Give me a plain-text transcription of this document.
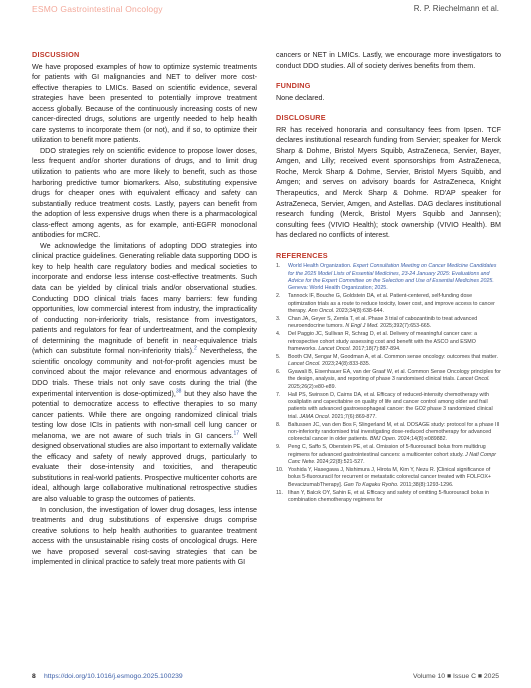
ESMO Gastrointestinal Oncology	R. P. Riechelmann et al.
DISCUSSION

We have proposed examples of how to optimize systemic treatments for patients with GI malignancies and NET to deliver more cost-effective therapies to LMICs. Based on scientific evidence, several strategies have been presented to potentially improve treatment access globally. Because of the continuously increasing costs of new cancer-directed drugs, solutions are urgently needed to help health care systems to incorporate them (or not), and if so, to optimize their utilization to benefit more patients.

DDO strategies rely on scientific evidence to propose lower doses, less frequent and/or shorter durations of drugs, and to limit drug utilization to patients who are more likely to benefit, such as those harboring predictive tumor biomarkers. Also, substituting expensive drugs for cheaper ones with equivalent efficacy and safety can substantially reduce treatment costs. Lastly, payers can benefit from the adoption of less expensive drugs when there is a pharmacological class-effect among agents, as for example, anti-EGFR monoclonal antibodies for mCRC.

We acknowledge the limitations of adopting DDO strategies into clinical practice guidelines. Generating reliable data supporting DDO is key to help health care regulatory bodies and medical societies to incorporate and endorse less intense cost-effective treatments. Such data can be yielded by clinical trials and/or observational studies. Conducting DDO clinical trials faces many barriers: few funding opportunities, low commercial interest from industry, the impracticality of conducting non-inferiority trials, resistance from investigators, patients and regulators for fear of undertreatment, and the complexity of determining the magnitude of benefit in near-equivalence trials (which can substitute formal non-inferiority trials).$^2$ Nevertheless, the scientific oncology community and not-for-profit agencies must be convinced about the major relevance and enormous advantages of DDO trials. These trials not only save costs during the trial (the experimental intervention is dose-optimized),$^{38}$ but they also have the potential to democratize access to effective therapies to so many cancer patients. While there are ongoing randomized clinical trials testing low dose ICIs in patients with non-small cell lung cancer or melanoma, we are not aware of such trials in GI cancers.$^{17}$ Well designed observational studies are also important to externally validate the efficacy and safety of newly approved drugs, particularly to evaluate their dose-intensity and toxicities, and therapeutic substitutions in real-world patients. Prospective multicenter cohorts are ideal, although large collaborative multinational retrospective studies are also valuable to grasp the outcomes of patients.

In conclusion, the investigation of lower drug dosages, less intense treatments and drug substitutions of expensive drugs comprise creative solutions to help health authorities to guarantee treatment access with the unsustainable rising costs of oncological drugs. Here we have proposed several cost-saving strategies that can be implemented in clinical practice to safely treat more patients with GI

cancers or NET in LMICs. Lastly, we encourage more investigators to conduct DDO studies. All of society derives benefits from them.

FUNDING

None declared.

DISCLOSURE

RR has received honoraria and consultancy fees from Ipsen. TCF declares institutional research funding from Servier; speaker for Merck Sharp & Dohme, Bristol Myers Squibb, AstraZeneca, Servier, Bayer, Amgen, and Lilly; received event sponsorships from AstraZeneca, Roche, Merck Sharp & Dohme, Servier, Bristol Myers Squibb, and Amgen; and serves on advisory boards for AstraZeneca, Knight Therapeutics, and Merck Sharp & Dohme. RD'AP speaker for AstraZeneca, Servier, Amgen, and Astellas. DAG declares institutional research funding (Merck, Bristol Myers Squibb and Jannsen); consulting fees (VIVIO Health); stock ownership (VIVIO Health). BM has declared no conflicts of interest.

REFERENCES
1. World Health Organization. Expert Consultation Meeting on Cancer Medicine Candidates for the 2025 Model Lists of Essential Medicines, 23-24 January 2025: Evaluations and Advice for the Expert Committee on the Selection and Use of Essential Medicines 2025. Geneva: World Health Organization; 2025.
2. Tannock IF, Bouche G, Goldstein DA, et al. Patient-centered, self-funding dose optimization trials as a route to reduce toxicity, lower cost, and improve access to cancer therapy. Ann Oncol. 2023;34(8):638-644.
3. Chan JA, Geyer S, Zemla T, et al. Phase 3 trial of cabozantinib to treat advanced neuroendocrine tumors. N Engl J Med. 2025;392(7):653-665.
4. Del Paggio JC, Sullivan R, Schrag D, et al. Delivery of meaningful cancer care: a retrospective cohort study assessing cost and benefit with the ASCO and ESMO frameworks. Lancet Oncol. 2017;18(7):887-894.
5. Booth CM, Sengar M, Goodman A, et al. Common sense oncology: outcomes that matter. Lancet Oncol. 2023;24(8):833-835.
6. Gyawali B, Eisenhauer EA, van der Graaf W, et al. Common Sense Oncology principles for the design, analysis, and reporting of phase 3 randomised clinical trials. Lancet Oncol. 2025;26(2):e80-e89.
7. Hall PS, Swinson D, Cairns DA, et al. Efficacy of reduced-intensity chemotherapy with oxaliplatin and capecitabine on quality of life and cancer control among older and frail patients with advanced gastroesophageal cancer: the GO2 phase 3 randomized clinical trial. JAMA Oncol. 2021;7(6):869-877.
8. Baltussen JC, van den Bos F, Slingerland M, et al. DOSAGE study: protocol for a phase III non-inferiority randomised trial investigating dose-reduced chemotherapy for advanced colorectal cancer in older patients. BMJ Open. 2024;14(8):e089882.
9. Peng C, Saffo S, Oberstein PE, et al. Omission of 5-fluorouracil bolus from multidrug regimens for advanced gastrointestinal cancers: a multicenter cohort study. J Natl Compr Canc Netw. 2024;22(8):521-527.
10. Yoshida Y, Hasegawa J, Nishimura J, Hirota M, Kim Y, Nezu R. [Clinical significance of bolus 5-fluorouracil for recurrent or metastatic colorectal cancer treated with FOLFOX+ BevacizumabTherapy]. Gan To Kagaku Ryoho. 2011;38(8):1293-1296.
11. Ilhan Y, Balcık OY, Sahin E, et al. Efficacy and safety of omitting 5-fluorouracil bolus in combination chemotherapy regimens for
8 https://doi.org/10.1016/j.esmogo.2025.100239	Volume 10 ■ Issue C ■ 2025
